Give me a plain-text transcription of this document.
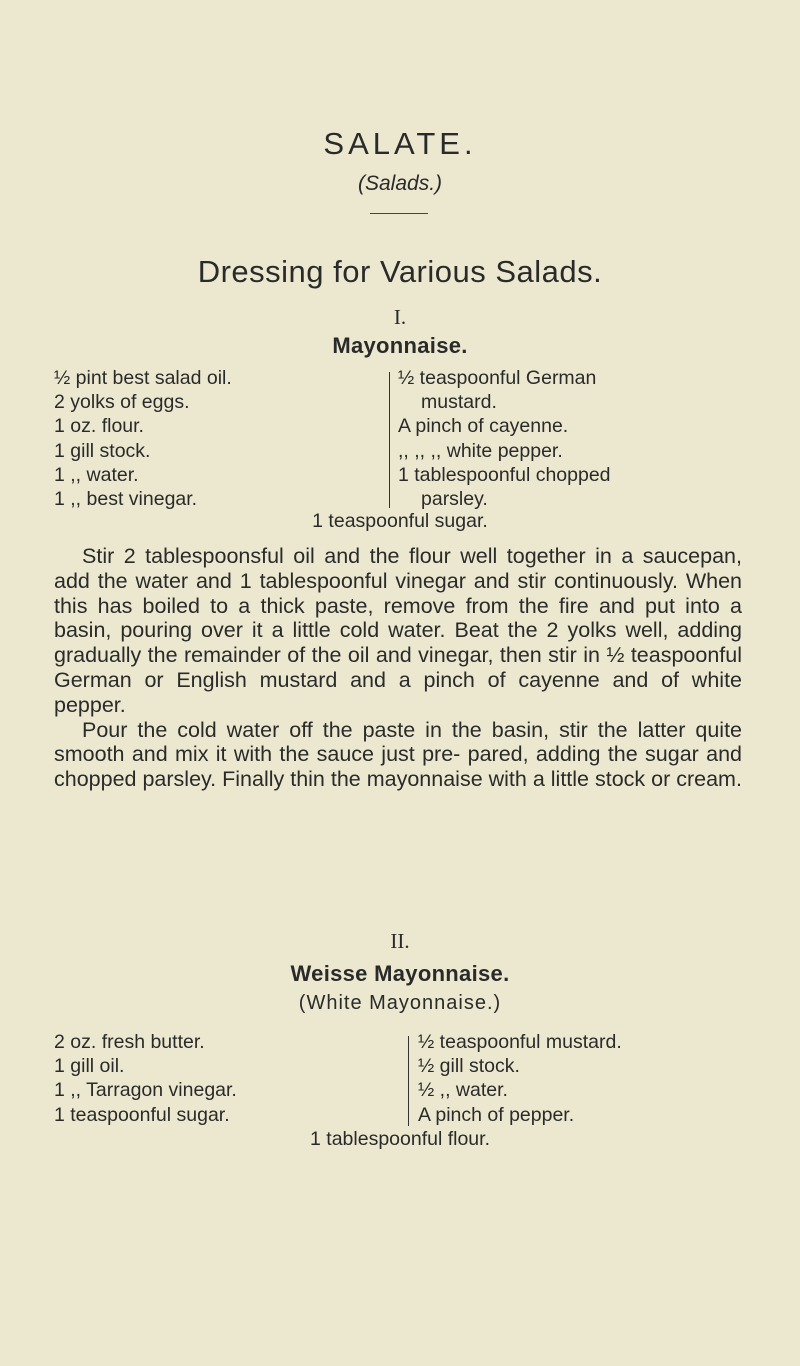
SALATE.
(Salads.)
Dressing for Various Salads.
I.
Mayonnaise.
½ pint best salad oil.
2 yolks of eggs.
1 oz. flour.
1 gill stock.
1 ,, water.
1 ,, best vinegar.
½ teaspoonful German
mustard.
A pinch of cayenne.
,, ,, ,, white pepper.
1 tablespoonful chopped
parsley.
1 teaspoonful sugar.

Stir 2 tablespoonsful oil and the flour well together in a saucepan, add the water and 1 tablespoonful vinegar and stir continuously. When this has boiled to a thick paste, remove from the fire and put into a basin, pouring over it a little cold water. Beat the 2 yolks well, adding gradually the remainder of the oil and vinegar, then stir in ½ teaspoonful German or English mustard and a pinch of cayenne and of white pepper.

Pour the cold water off the paste in the basin, stir the latter quite smooth and mix it with the sauce just pre- pared, adding the sugar and chopped parsley. Finally thin the mayonnaise with a little stock or cream.

II.
Weisse Mayonnaise.
(White Mayonnaise.)
2 oz. fresh butter.
1 gill oil.
1 ,, Tarragon vinegar.
1 teaspoonful sugar.
½ teaspoonful mustard.
½ gill stock.
½ ,, water.
A pinch of pepper.
1 tablespoonful flour.
